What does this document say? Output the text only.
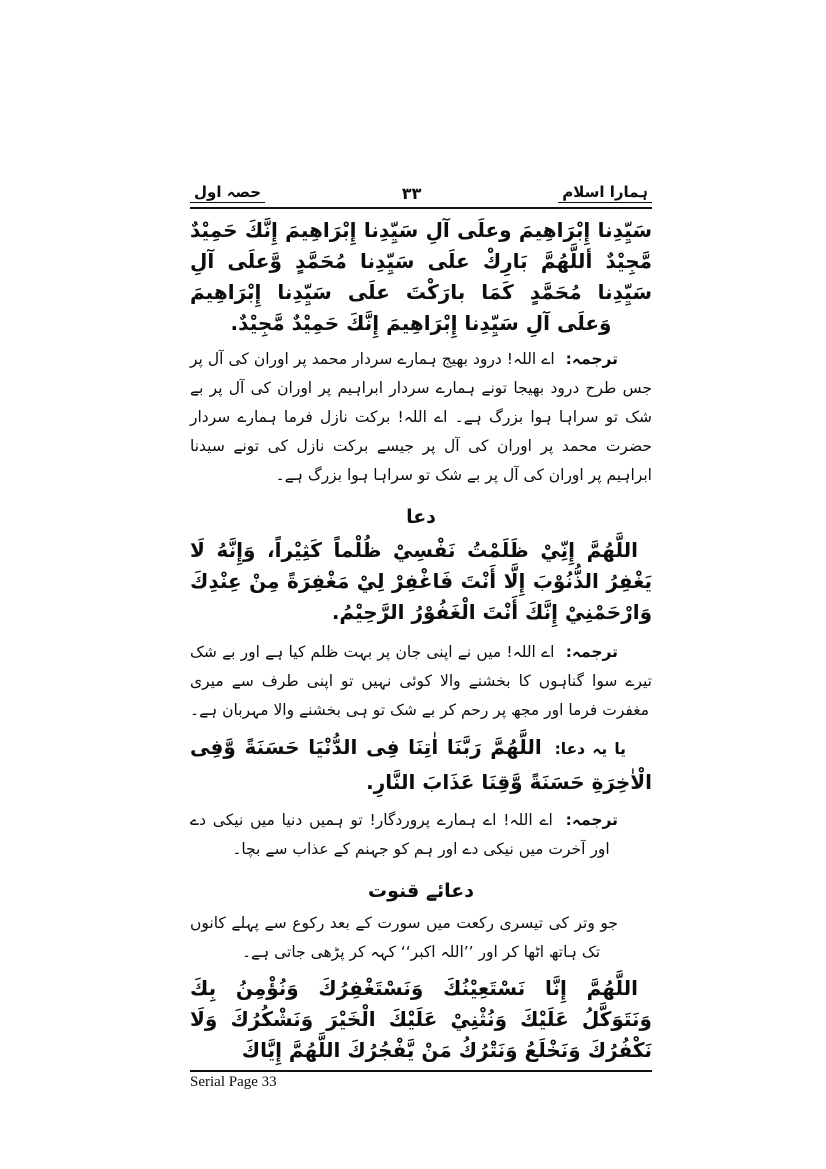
ہمارا اسلام
۳۳
حصہ اول

سَيِّدِنا إِبْرَاهِيمَ وعلَى آلِ سَيِّدِنا إِبْرَاهِيمَ إِنَّكَ حَمِيْدٌ مَّجِيْدٌ أللَّهُمَّ بَارِكْ علَى سَيِّدِنا مُحَمَّدٍ وَّعلَى آلِ سَيِّدِنا مُحَمَّدٍ كَمَا بارَكْتَ علَى سَيِّدِنا إِبْرَاهِيمَ وَعلَى آلِ سَيِّدِنا إِبْرَاهِيمَ إِنَّكَ حَمِيْدٌ مَّجِيْدٌ.

ترجمہ: اے اللہ! درود بھیج ہمارے سردار محمد پر اوران کی آل پر جس طرح درود بھیجا تونے ہمارے سردار ابراہیم پر اوران کی آل پر بے شک تو سراہا ہوا بزرگ ہے۔ اے اللہ! برکت نازل فرما ہمارے سردار حضرت محمد پر اوران کی آل پر جیسے برکت نازل کی تونے سیدنا ابراہیم پر اوران کی آل پر بے شک تو سراہا ہوا بزرگ ہے۔

دعا

اللَّهُمَّ إِنِّيْ ظَلَمْتُ نَفْسِيْ ظُلْماً كَثِيْراً، وَإِنَّهُ لَا يَغْفِرُ الذُّنُوْبَ إِلَّا أَنْتَ فَاغْفِرْ لِيْ مَغْفِرَةً مِنْ عِنْدِكَ وَارْحَمْنِيْ إِنَّكَ أَنْتَ الْغَفُوْرُ الرَّحِيْمُ.

ترجمہ: اے اللہ! میں نے اپنی جان پر بہت ظلم کیا ہے اور بے شک تیرے سوا گناہوں کا بخشنے والا کوئی نہیں تو اپنی طرف سے میری مغفرت فرما اور مجھ پر رحم کر بے شک تو ہی بخشنے والا مہربان ہے۔

یا یہ دعا: اللَّهُمَّ رَبَّنَا اٰتِنَا فِی الدُّنْيَا حَسَنَةً وَّفِی الْاٰخِرَةِ حَسَنَةً وَّقِنَا عَذَابَ النَّارِ.

ترجمہ: اے اللہ! اے ہمارے پروردگار! تو ہمیں دنیا میں نیکی دے اور آخرت میں نیکی دے اور ہم کو جہنم کے عذاب سے بچا۔

دعائے قنوت

جو وتر کی تیسری رکعت میں سورت کے بعد رکوع سے پہلے کانوں تک ہاتھ اٹھا کر اور ’’اللہ اکبر‘‘ کہہ کر پڑھی جاتی ہے۔

اللَّهُمَّ إِنَّا نَسْتَعِيْنُكَ وَنَسْتَغْفِرُكَ وَنُؤْمِنُ بِكَ وَنَتَوَكَّلُ عَلَيْكَ وَنُثْنِيْ عَلَيْكَ الْخَيْرَ وَنَشْكُرُكَ وَلَا نَكْفُرُكَ وَنَخْلَعُ وَنَتْرُكُ مَنْ يَّفْجُرُكَ اللَّهُمَّ إِيَّاكَ

Serial Page 33
